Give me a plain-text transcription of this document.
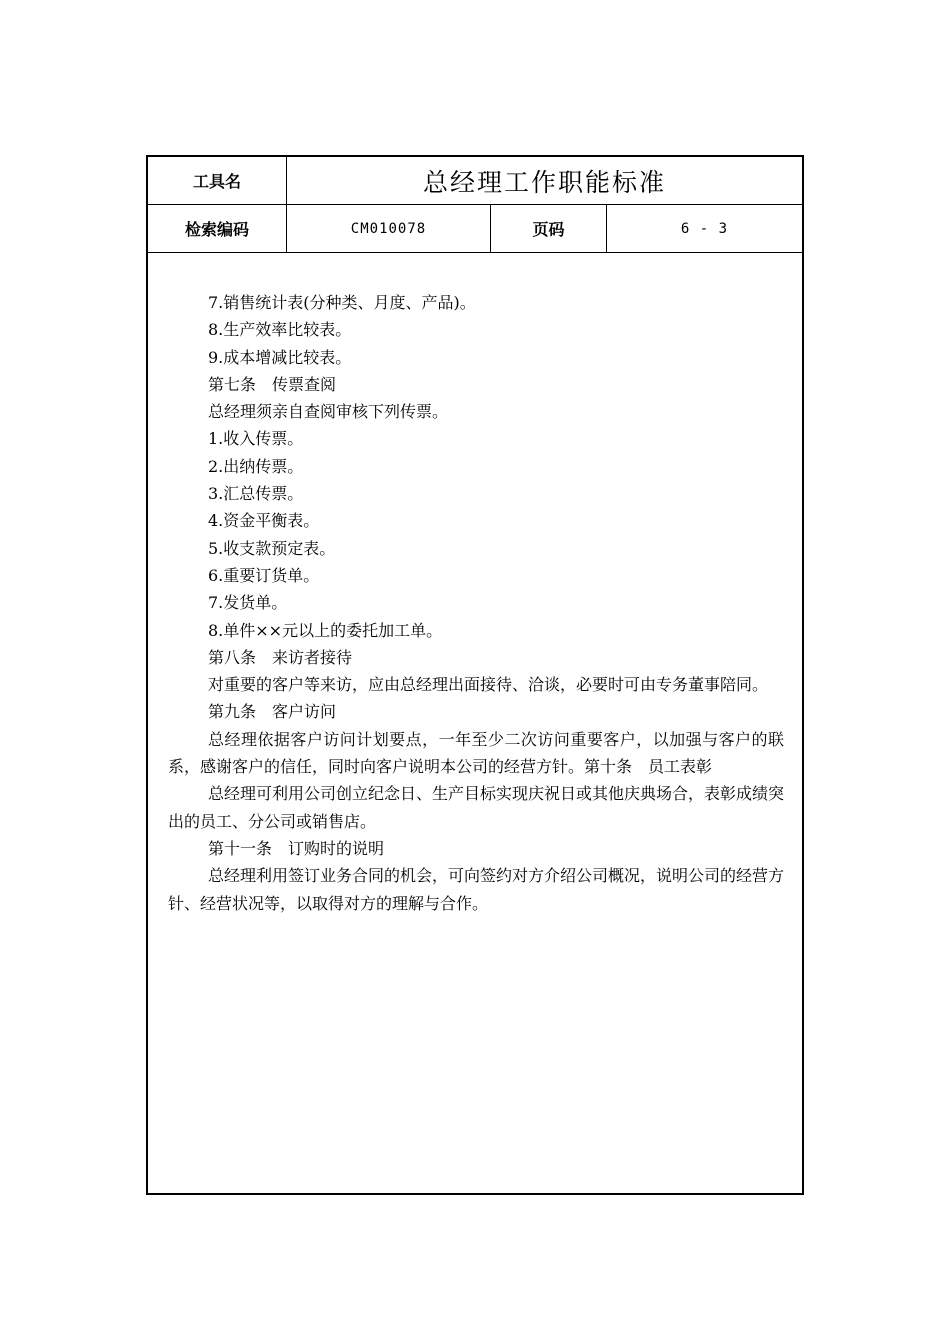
工具名	总经理工作职能标准
检索编码	CM010078	页码	6 - 3

7.销售统计表(分种类、月度、产品)。

8.生产效率比较表。

9.成本增减比较表。

第七条　传票查阅

总经理须亲自查阅审核下列传票。

1.收入传票。

2.出纳传票。

3.汇总传票。

4.资金平衡表。

5.收支款预定表。

6.重要订货单。

7.发货单。

8.单件××元以上的委托加工单。

第八条　来访者接待

对重要的客户等来访，应由总经理出面接待、洽谈，必要时可由专务董事陪同。

第九条　客户访问

总经理依据客户访问计划要点，一年至少二次访问重要客户，以加强与客户的联系，感谢客户的信任，同时向客户说明本公司的经营方针。第十条　员工表彰

总经理可利用公司创立纪念日、生产目标实现庆祝日或其他庆典场合，表彰成绩突出的员工、分公司或销售店。

第十一条　订购时的说明

总经理利用签订业务合同的机会，可向签约对方介绍公司概况，说明公司的经营方针、经营状况等，以取得对方的理解与合作。
